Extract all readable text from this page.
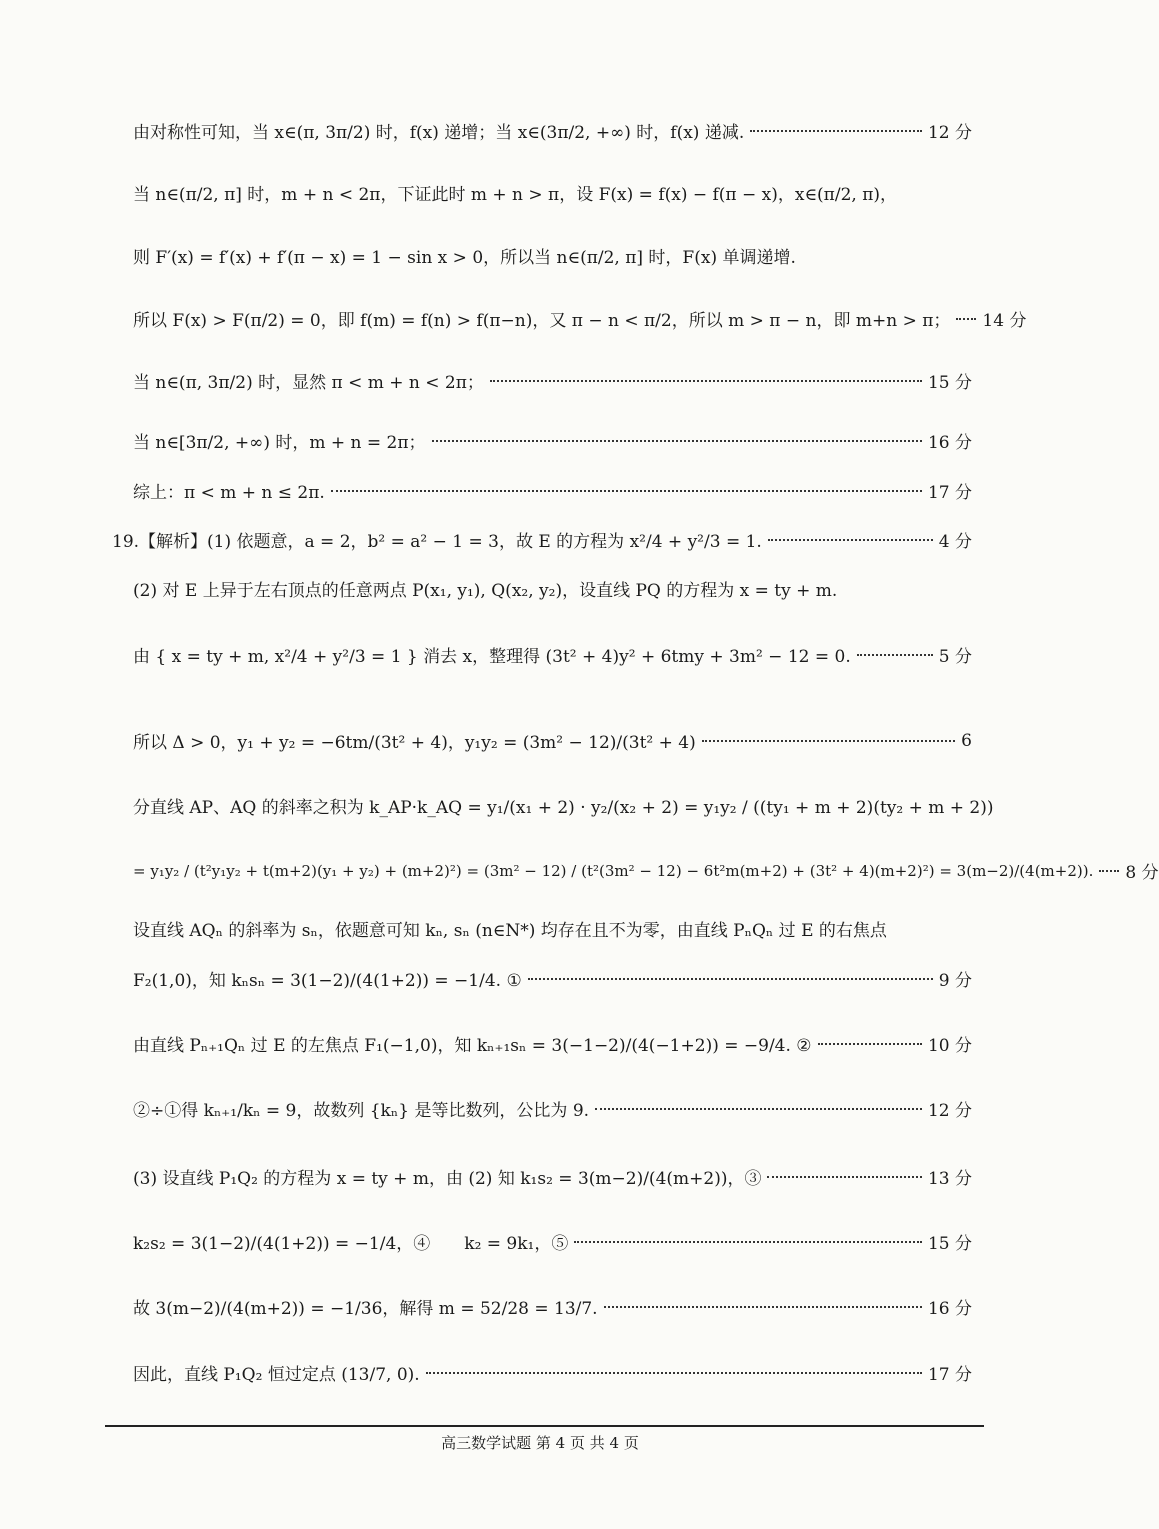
由对称性可知，当 x∈(π, 3π/2) 时，f(x) 递增；当 x∈(3π/2, +∞) 时，f(x) 递减.	12 分
当 n∈(π/2, π] 时，m + n < 2π，下证此时 m + n > π，设 F(x) = f(x) − f(π − x)，x∈(π/2, π)，
则 F′(x) = f′(x) + f′(π − x) = 1 − sin x > 0，所以当 n∈(π/2, π] 时，F(x) 单调递增.
所以 F(x) > F(π/2) = 0，即 f(m) = f(n) > f(π−n)，又 π − n < π/2，所以 m > π − n，即 m+n > π； 14 分
当 n∈(π, 3π/2) 时，显然 π < m + n < 2π；	15 分
当 n∈[3π/2, +∞) 时，m + n = 2π；	16 分
综上：π < m + n ≤ 2π.	17 分
19.【解析】(1) 依题意，a = 2，b² = a² − 1 = 3，故 E 的方程为 x²/4 + y²/3 = 1.	4 分
(2) 对 E 上异于左右顶点的任意两点 P(x₁, y₁), Q(x₂, y₂)，设直线 PQ 的方程为 x = ty + m.
由 { x = ty + m, x²/4 + y²/3 = 1 } 消去 x，整理得 (3t² + 4)y² + 6tmy + 3m² − 12 = 0.	5 分
所以 Δ > 0，y₁ + y₂ = −6tm/(3t² + 4)，y₁y₂ = (3m² − 12)/(3t² + 4)	6
分直线 AP、AQ 的斜率之积为 k_AP·k_AQ = y₁/(x₁ + 2) · y₂/(x₂ + 2) = y₁y₂ / ((ty₁ + m + 2)(ty₂ + m + 2))
= y₁y₂ / (t²y₁y₂ + t(m+2)(y₁ + y₂) + (m+2)²) = (3m² − 12) / (t²(3m² − 12) − 6t²m(m+2) + (3t² + 4)(m+2)²) = 3(m−2)/(4(m+2)). 8 分
设直线 AQₙ 的斜率为 sₙ，依题意可知 kₙ, sₙ (n∈N*) 均存在且不为零，由直线 PₙQₙ 过 E 的右焦点
F₂(1,0)，知 kₙsₙ = 3(1−2)/(4(1+2)) = −1/4. ①	9 分
由直线 Pₙ₊₁Qₙ 过 E 的左焦点 F₁(−1,0)，知 kₙ₊₁sₙ = 3(−1−2)/(4(−1+2)) = −9/4. ②	10 分
②÷①得 kₙ₊₁/kₙ = 9，故数列 {kₙ} 是等比数列，公比为 9.	12 分
(3) 设直线 P₁Q₂ 的方程为 x = ty + m，由 (2) 知 k₁s₂ = 3(m−2)/(4(m+2))，③	13 分
k₂s₂ = 3(1−2)/(4(1+2)) = −1/4，④　　k₂ = 9k₁，⑤	15 分
故 3(m−2)/(4(m+2)) = −1/36，解得 m = 52/28 = 13/7.	16 分
因此，直线 P₁Q₂ 恒过定点 (13/7, 0).	17 分
高三数学试题 第 4 页 共 4 页
